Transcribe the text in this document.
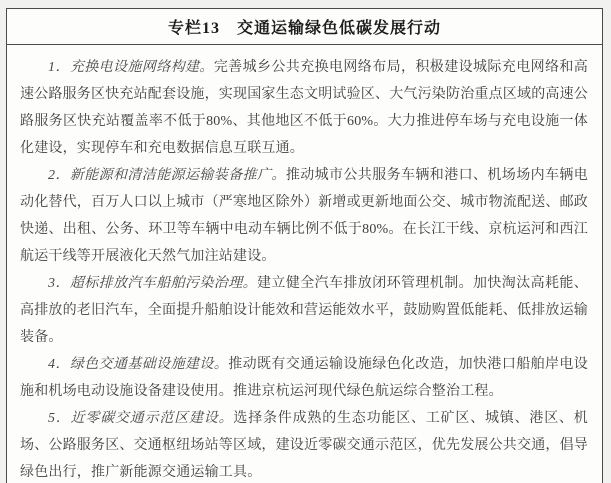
专栏13　交通运输绿色低碳发展行动

1．充换电设施网络构建。完善城乡公共充换电网络布局，积极建设城际充电网络和高速公路服务区快充站配套设施，实现国家生态文明试验区、大气污染防治重点区域的高速公路服务区快充站覆盖率不低于80%、其他地区不低于60%。大力推进停车场与充电设施一体化建设，实现停车和充电数据信息互联互通。

2．新能源和清洁能源运输装备推广。推动城市公共服务车辆和港口、机场场内车辆电动化替代，百万人口以上城市（严寒地区除外）新增或更新地面公交、城市物流配送、邮政快递、出租、公务、环卫等车辆中电动车辆比例不低于80%。在长江干线、京杭运河和西江航运干线等开展液化天然气加注站建设。

3．超标排放汽车船舶污染治理。建立健全汽车排放闭环管理机制。加快淘汰高耗能、高排放的老旧汽车，全面提升船舶设计能效和营运能效水平，鼓励购置低能耗、低排放运输装备。

4．绿色交通基础设施建设。推动既有交通运输设施绿色化改造，加快港口船舶岸电设施和机场电动设施设备建设使用。推进京杭运河现代绿色航运综合整治工程。

5．近零碳交通示范区建设。选择条件成熟的生态功能区、工矿区、城镇、港区、机场、公路服务区、交通枢纽场站等区域，建设近零碳交通示范区，优先发展公共交通，倡导绿色出行，推广新能源交通运输工具。
